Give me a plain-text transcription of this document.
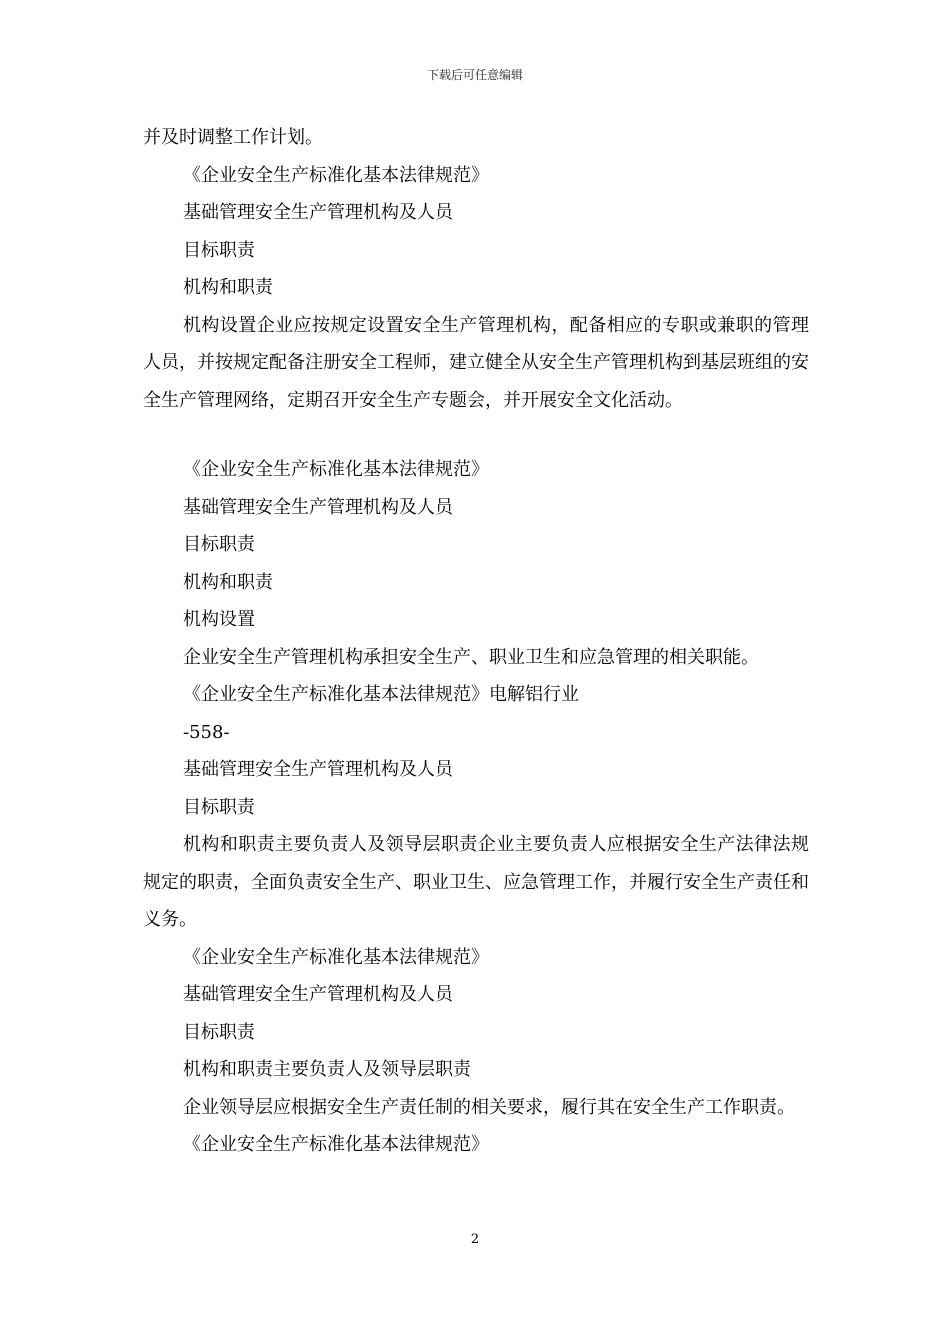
下载后可任意编辑

并及时调整工作计划。

《企业安全生产标准化基本法律规范》

基础管理安全生产管理机构及人员

目标职责

机构和职责

机构设置企业应按规定设置安全生产管理机构，配备相应的专职或兼职的管理人员，并按规定配备注册安全工程师，建立健全从安全生产管理机构到基层班组的安全生产管理网络，定期召开安全生产专题会，并开展安全文化活动。

《企业安全生产标准化基本法律规范》

基础管理安全生产管理机构及人员

目标职责

机构和职责

机构设置

企业安全生产管理机构承担安全生产、职业卫生和应急管理的相关职能。

《企业安全生产标准化基本法律规范》电解铝行业

-558-

基础管理安全生产管理机构及人员

目标职责

机构和职责主要负责人及领导层职责企业主要负责人应根据安全生产法律法规规定的职责，全面负责安全生产、职业卫生、应急管理工作，并履行安全生产责任和义务。

《企业安全生产标准化基本法律规范》

基础管理安全生产管理机构及人员

目标职责

机构和职责主要负责人及领导层职责

企业领导层应根据安全生产责任制的相关要求，履行其在安全生产工作职责。

《企业安全生产标准化基本法律规范》

2
